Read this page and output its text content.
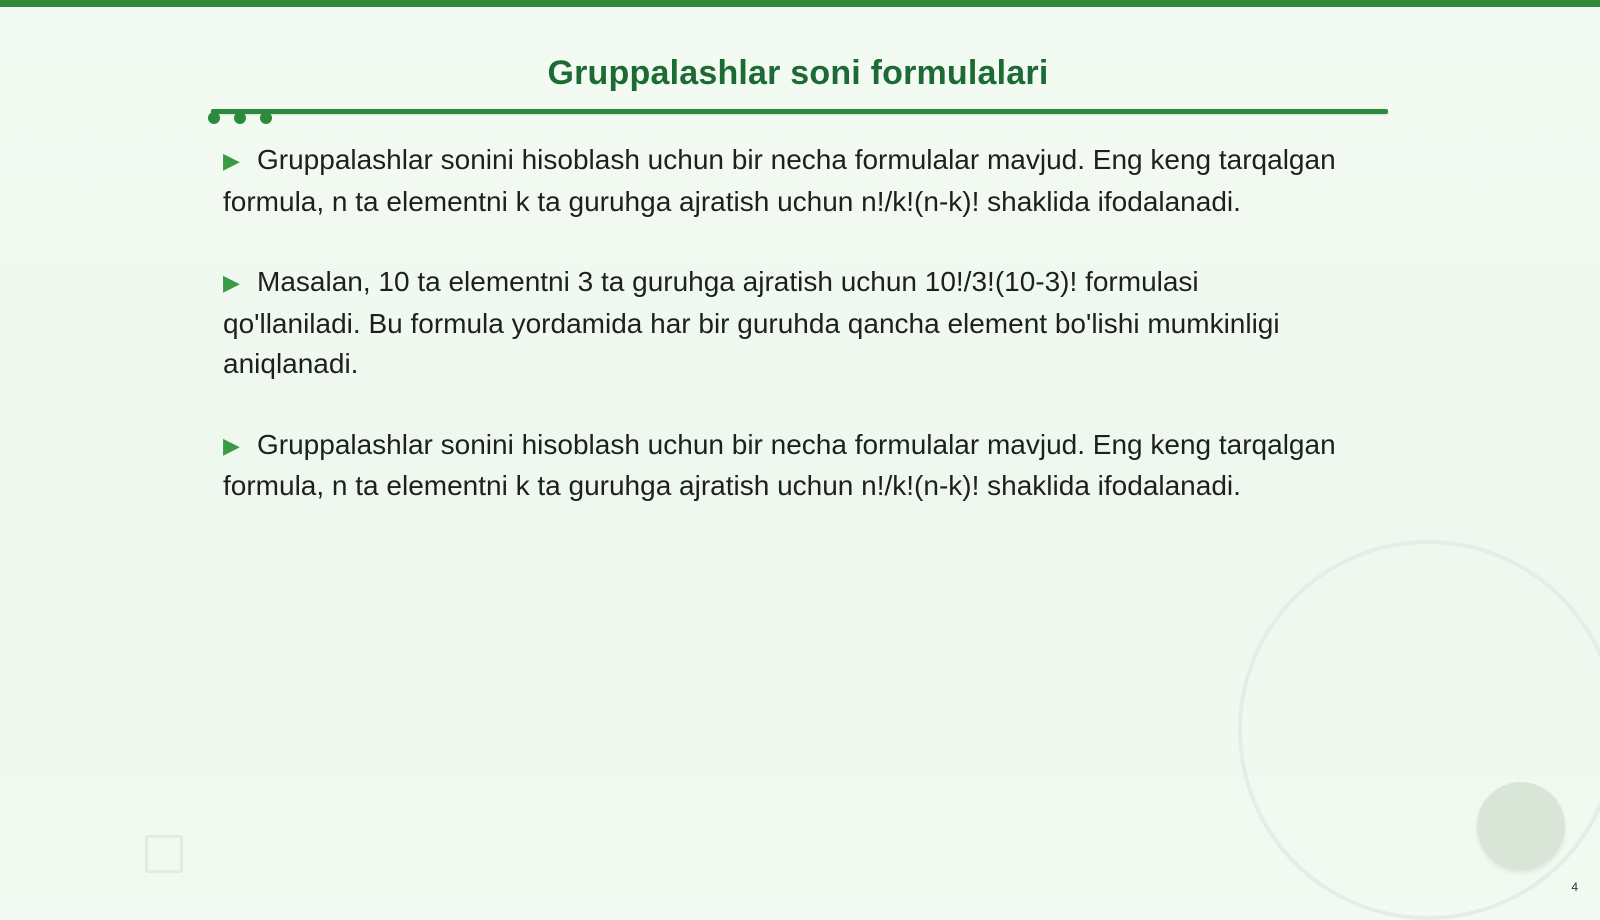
Gruppalashlar soni formulalari

▶ Gruppalashlar sonini hisoblash uchun bir necha formulalar mavjud. Eng keng tarqalgan formula, n ta elementni k ta guruhga ajratish uchun n!/k!(n-k)! shaklida ifodalanadi.

▶ Masalan, 10 ta elementni 3 ta guruhga ajratish uchun 10!/3!(10-3)! formulasi qo'llaniladi. Bu formula yordamida har bir guruhda qancha element bo'lishi mumkinligi aniqlanadi.

▶ Gruppalashlar sonini hisoblash uchun bir necha formulalar mavjud. Eng keng tarqalgan formula, n ta elementni k ta guruhga ajratish uchun n!/k!(n-k)! shaklida ifodalanadi.

4
